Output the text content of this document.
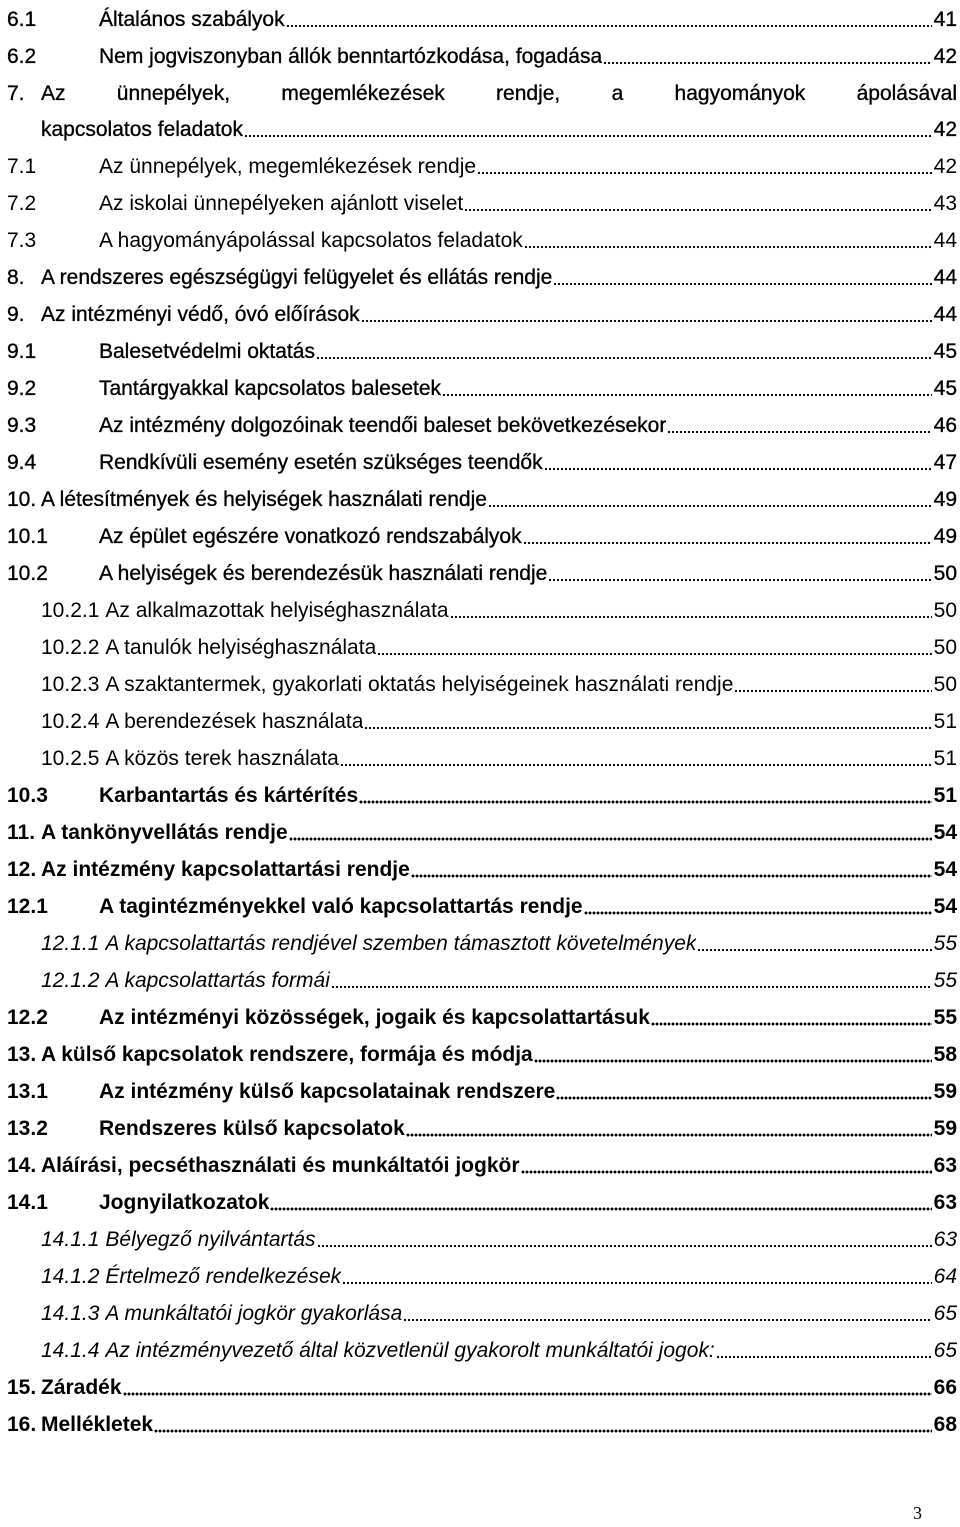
6.1	Általános szabályok	41
6.2	Nem jogviszonyban állók benntartózkodása, fogadása	42
7. Az ünnepélyek, megemlékezések rendje, a hagyományok ápolásával
kapcsolatos feladatok	42
7.1	Az ünnepélyek, megemlékezések rendje	42
7.2	Az iskolai ünnepélyeken ajánlott viselet	43
7.3	A hagyományápolással kapcsolatos feladatok	44
8. A rendszeres egészségügyi felügyelet és ellátás rendje	44
9. Az intézményi védő, óvó előírások	44
9.1	Balesetvédelmi oktatás	45
9.2	Tantárgyakkal kapcsolatos balesetek	45
9.3	Az intézmény dolgozóinak teendői baleset bekövetkezésekor	46
9.4	Rendkívüli esemény esetén szükséges teendők	47
10. A létesítmények és helyiségek használati rendje	49
10.1	Az épület egészére vonatkozó rendszabályok	49
10.2	A helyiségek és berendezésük használati rendje	50
10.2.1 Az alkalmazottak helyiséghasználata	50
10.2.2 A tanulók helyiséghasználata	50
10.2.3 A szaktantermek, gyakorlati oktatás helyiségeinek használati rendje	50
10.2.4 A berendezések használata	51
10.2.5 A közös terek használata	51
10.3	Karbantartás és kártérítés	51
11. A tankönyvellátás rendje	54
12. Az intézmény kapcsolattartási rendje	54
12.1	A tagintézményekkel való kapcsolattartás rendje	54
12.1.1 A kapcsolattartás rendjével szemben támasztott követelmények	55
12.1.2 A kapcsolattartás formái	55
12.2	Az intézményi közösségek, jogaik és kapcsolattartásuk	55
13. A külső kapcsolatok rendszere, formája és módja	58
13.1	Az intézmény külső kapcsolatainak rendszere	59
13.2	Rendszeres külső kapcsolatok	59
14. Aláírási, pecséthasználati és munkáltatói jogkör	63
14.1	Jognyilatkozatok	63
14.1.1 Bélyegző nyilvántartás	63
14.1.2 Értelmező rendelkezések	64
14.1.3 A munkáltatói jogkör gyakorlása	65
14.1.4 Az intézményvezető által közvetlenül gyakorolt munkáltatói jogok:	65
15. Záradék	66
16. Mellékletek	68
3
